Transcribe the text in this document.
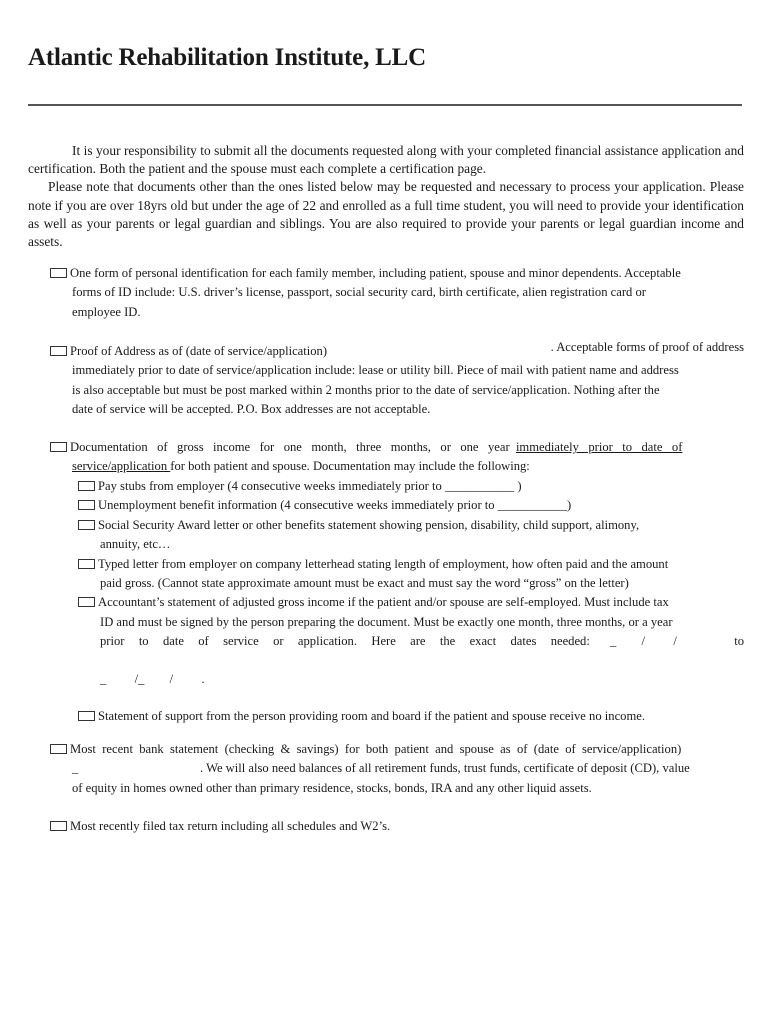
Atlantic Rehabilitation Institute, LLC

It is your responsibility to submit all the documents requested along with your completed financial assistance application and certification. Both the patient and the spouse must each complete a certification page.

Please note that documents other than the ones listed below may be requested and necessary to process your application. Please note if you are over 18yrs old but under the age of 22 and enrolled as a full time student, you will need to provide your identification as well as your parents or legal guardian and siblings. You are also required to provide your parents or legal guardian income and assets.

One form of personal identification for each family member, including patient, spouse and minor dependents. Acceptable
forms of ID include: U.S. driver’s license, passport, social security card, birth certificate, alien registration card or
employee ID.
Proof of Address as of (date of service/application)	. Acceptable forms of proof of address
immediately prior to date of service/application include: lease or utility bill. Piece of mail with patient name and address
is also acceptable but must be post marked within 2 months prior to the date of service/application. Nothing after the
date of service will be accepted. P.O. Box addresses are not acceptable.
Documentation   of   gross   income   for   one   month,   three   months,   or   one   year  immediately   prior   to   date   of
service/application for both patient and spouse. Documentation may include the following:
Pay stubs from employer (4 consecutive weeks immediately prior to ___________ )
Unemployment benefit information (4 consecutive weeks immediately prior to ___________)
Social Security Award letter or other benefits statement showing pension, disability, child support, alimony,
annuity, etc…
Typed letter from employer on company letterhead stating length of employment, how often paid and the amount
paid gross. (Cannot state approximate amount must be exact and must say the word “gross” on the letter)
Accountant’s statement of adjusted gross income if the patient and/or spouse are self-employed. Must include tax
ID and must be signed by the person preparing the document. Must be exactly one month, three months, or a year
prior to date of service or application. Here are the exact dates needed: _        /         /	to
_         /_        /         .
Statement of support from the person providing room and board if the patient and spouse receive no income.
Most  recent  bank  statement  (checking  &  savings)  for  both  patient  and  spouse  as  of  (date  of  service/application)
_	. We will also need balances of all retirement funds, trust funds, certificate of deposit (CD), value
of equity in homes owned other than primary residence, stocks, bonds, IRA and any other liquid assets.
Most recently filed tax return including all schedules and W2’s.
